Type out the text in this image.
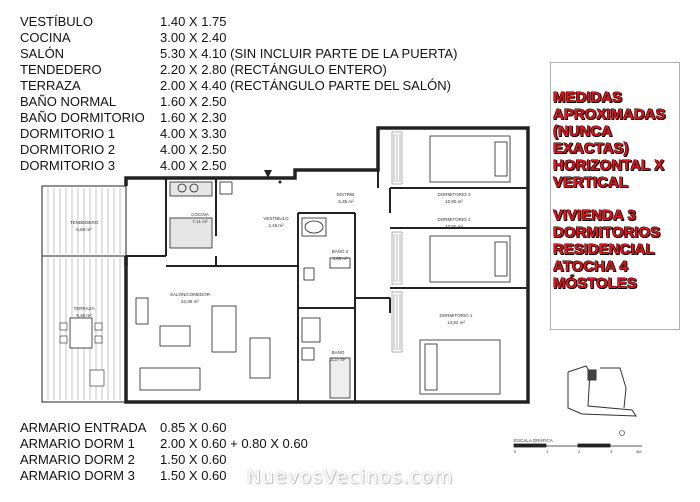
VESTÍBULO	1.40 X 1.75
COCINA	3.00 X 2.40
SALÓN	5.30 X 4.10 (SIN INCLUIR PARTE DE LA PUERTA)
TENDEDERO	2.20 X 2.80 (RECTÁNGULO ENTERO)
TERRAZA	2.00 X 4.40 (RECTÁNGULO PARTE DEL SALÓN)
BAÑO NORMAL	1.60 X 2.50
BAÑO DORMITORIO	1.60 X 2.30
DORMITORIO 1	4.00 X 3.30
DORMITORIO 2	4.00 X 2.50
DORMITORIO 3	4.00 X 2.50
TENDEDERO
6,60 m²
COCINA
7,11 m²
VESTÍBULO
2,45 m²
DISTRIB.
5,35 m²
BAÑO 2
3,66 m²
BAÑO
3,37 m²
SALÓN/COMEDOR
22,88 m²
TERRAZA
9,30 m²
DORMITORIO 3
10,00 m²
DORMITORIO 2
10,00 m²
DORMITORIO 1
13,92 m²

MEDIDAS

APROXIMADAS

(NUNCA

EXACTAS)

HORIZONTAL X

VERTICAL

VIVIENDA 3

DORMITORIOS

RESIDENCIAL

ATOCHA 4

MÓSTOLES

ESCALA GRÁFICA
0	1	2	3	4M
ARMARIO ENTRADA	0.85 X 0.60
ARMARIO DORM 1	2.00 X 0.60 + 0.80 X 0.60
ARMARIO DORM 2	1.50 X 0.60
ARMARIO DORM 3	1.50 X 0.60	NuevosVecinos.com
